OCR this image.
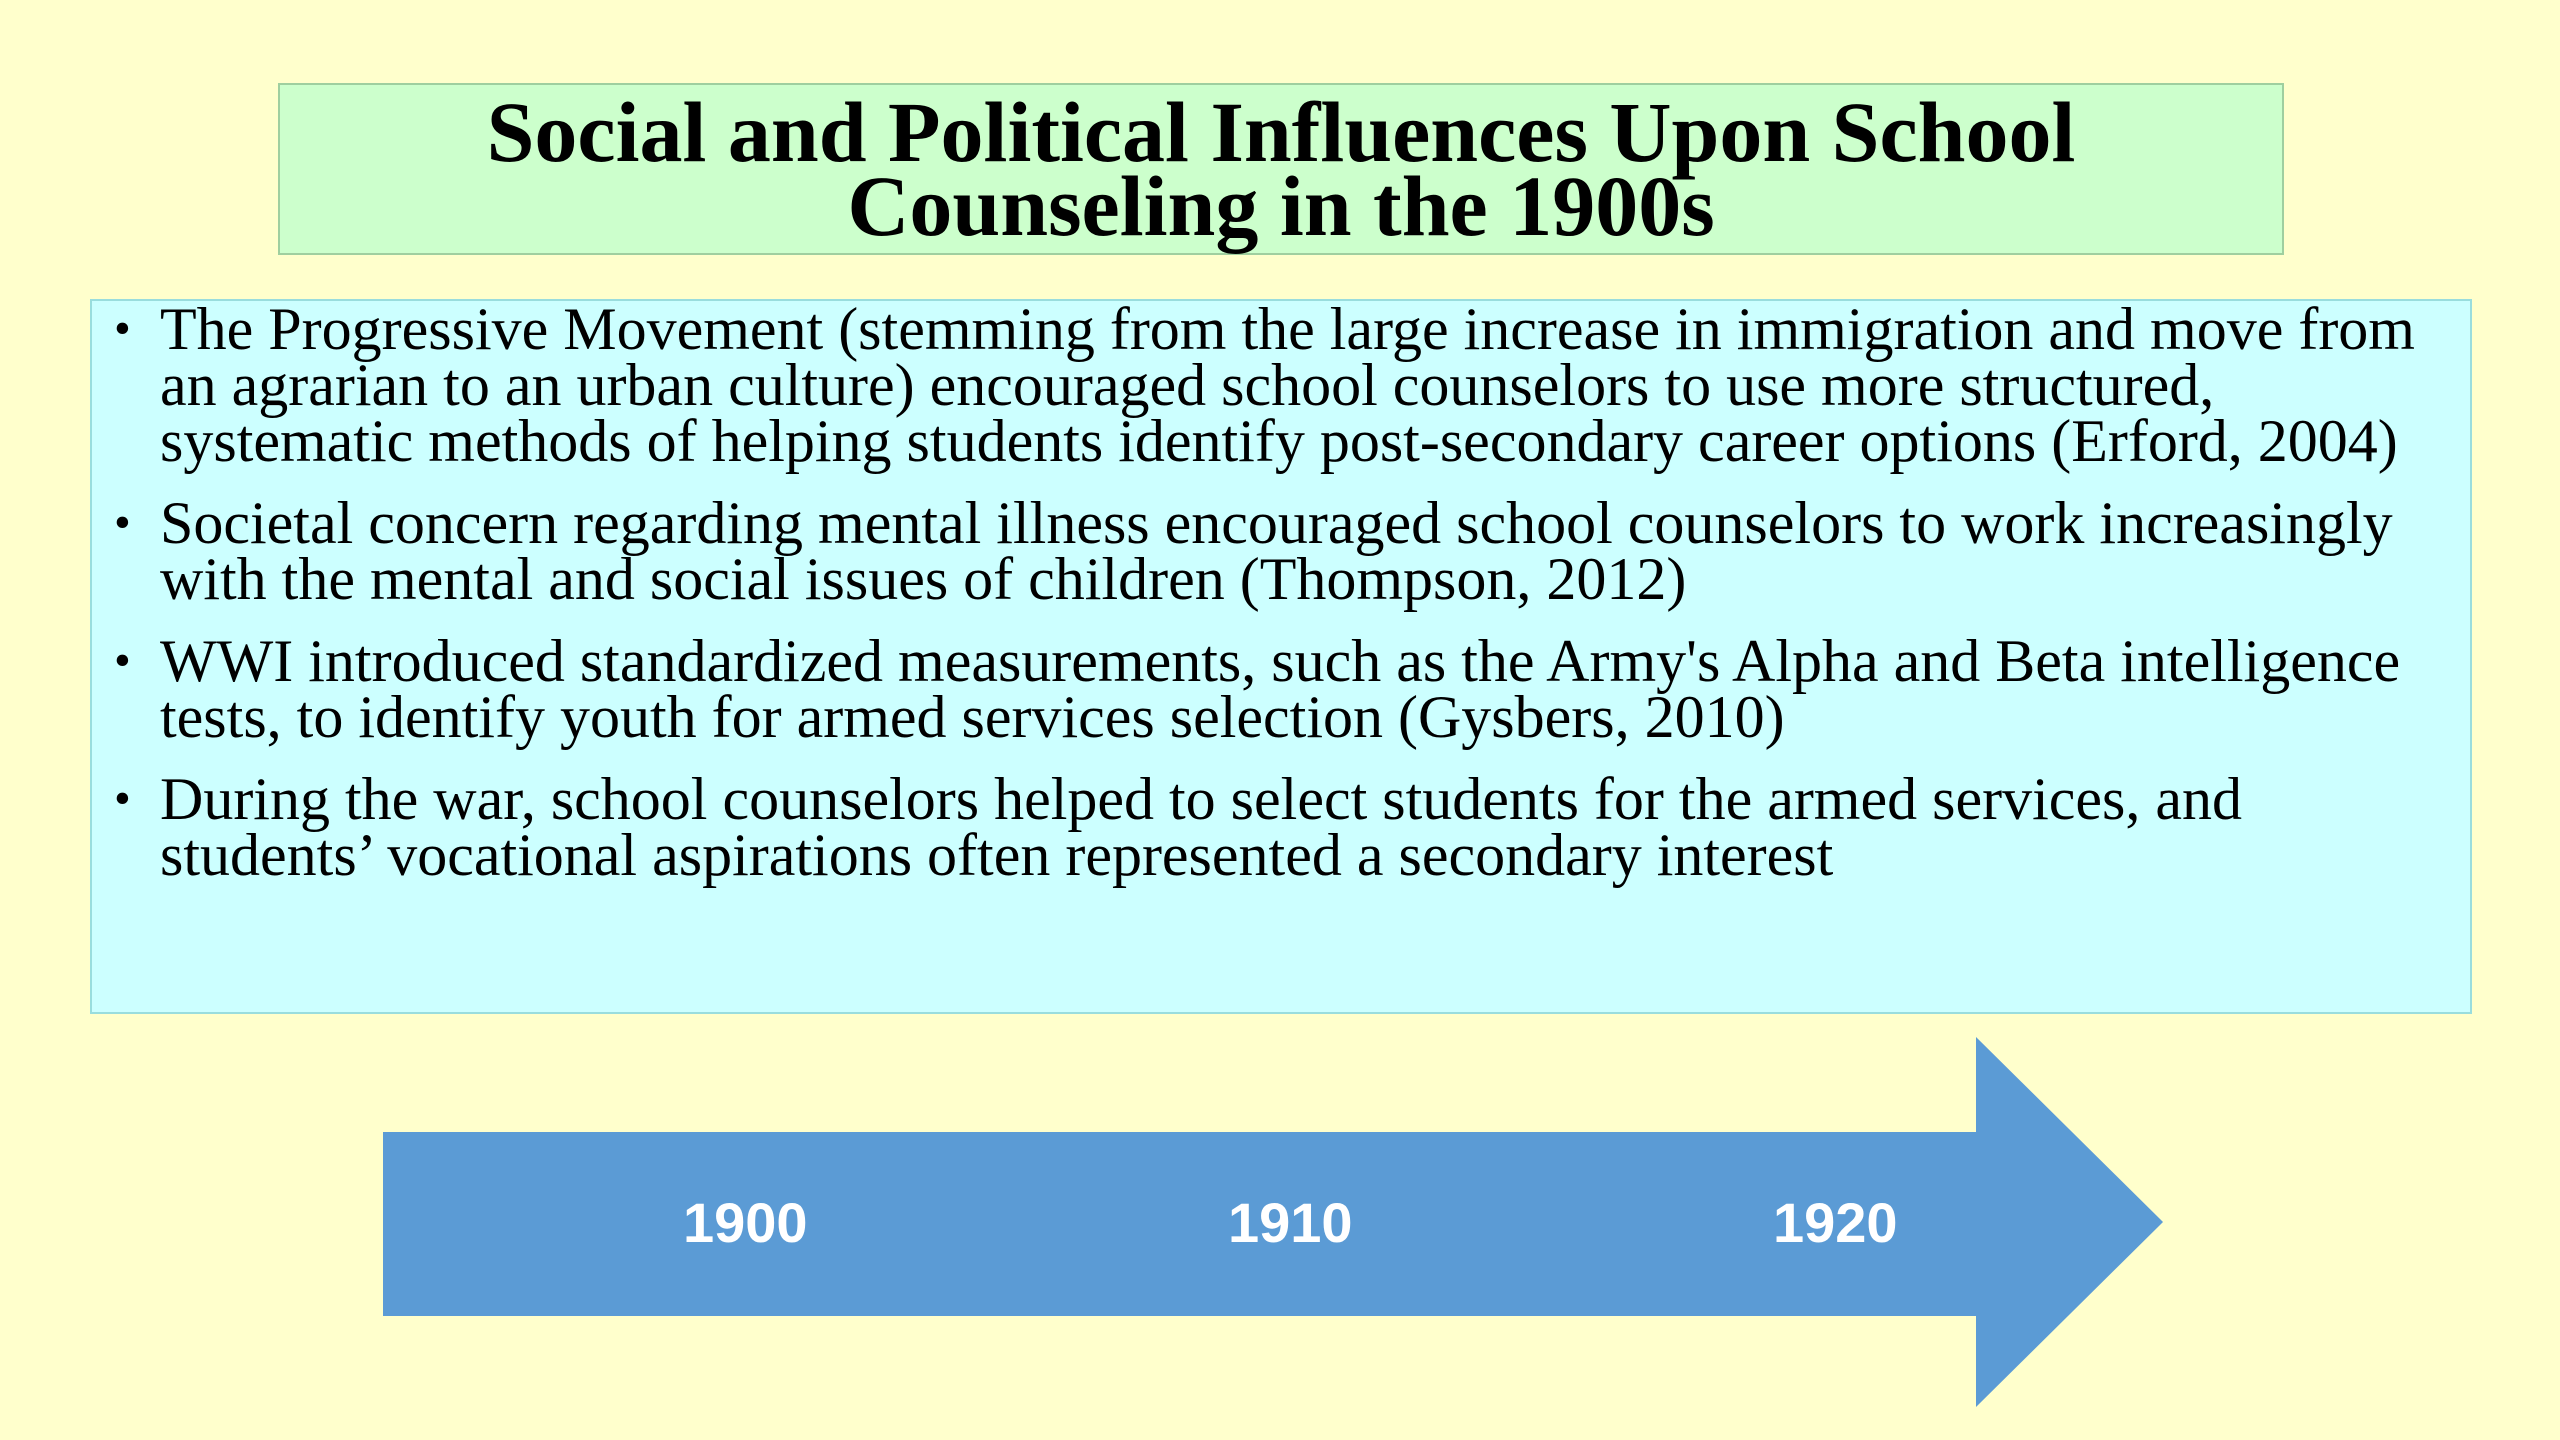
Social and Political Influences Upon School
Counseling in the 1900s
• The Progressive Movement (stemming from the large increase in immigration and move from an agrarian to an urban culture) encouraged school counselors to use more structured, systematic methods of helping students identify post-secondary career options (Erford, 2004)
• Societal concern regarding mental illness encouraged school counselors to work increasingly with the mental and social issues of children (Thompson, 2012)
• WWI introduced standardized measurements, such as the Army's Alpha and Beta intelligence tests, to identify youth for armed services selection (Gysbers, 2010)
• During the war, school counselors helped to select students for the armed services, and students’ vocational aspirations often represented a secondary interest
1900	1910	1920
